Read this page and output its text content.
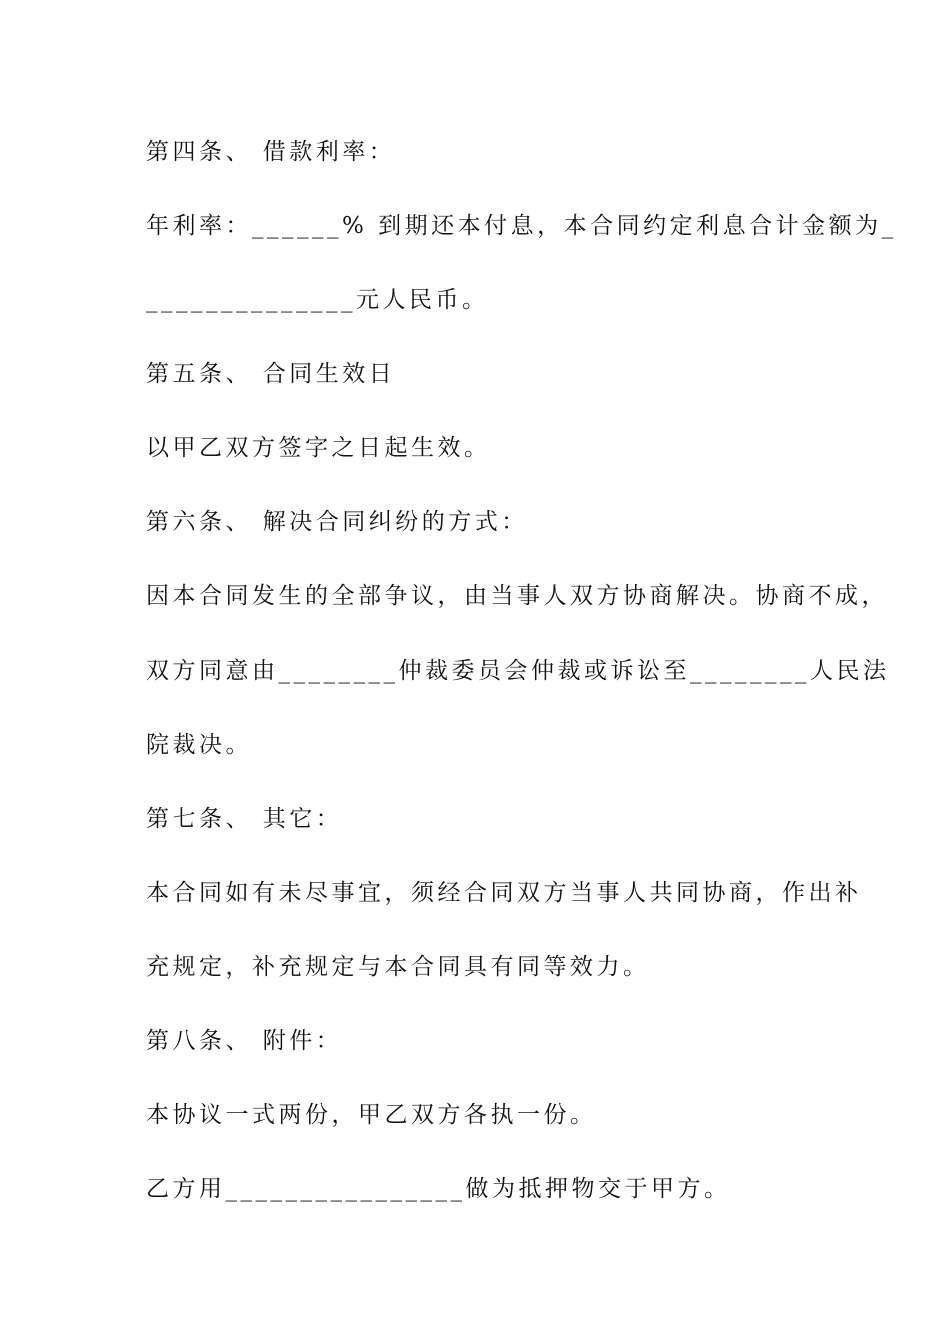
第四条、 借款利率：
年利率：______% 到期还本付息，本合同约定利息合计金额为_
______________元人民币。
第五条、 合同生效日
以甲乙双方签字之日起生效。
第六条、 解决合同纠纷的方式：
因本合同发生的全部争议，由当事人双方协商解决。协商不成，
双方同意由________仲裁委员会仲裁或诉讼至________人民法
院裁决。
第七条、 其它：
本合同如有未尽事宜，须经合同双方当事人共同协商，作出补
充规定，补充规定与本合同具有同等效力。
第八条、 附件：
本协议一式两份，甲乙双方各执一份。
乙方用________________做为抵押物交于甲方。
